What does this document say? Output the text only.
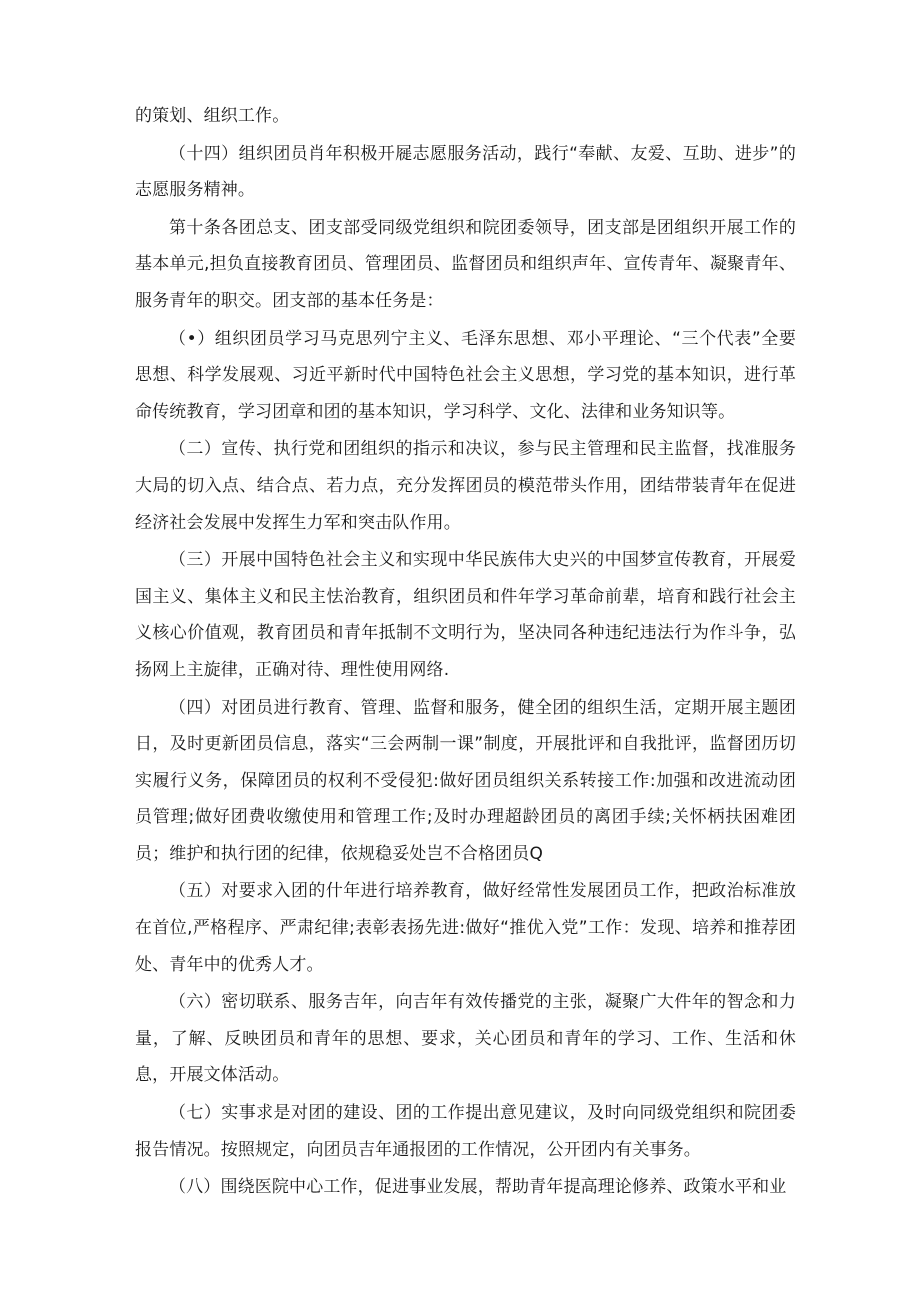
的策划、组织工作。

（十四）组织团员肖年积极开屣志愿服务活动，践行“奉献、友爱、互助、进步”的志愿服务精神。

第十条各团总支、团支部受同级党组织和院团委领导，团支部是团组织开展工作的基本单元,担负直接教育团员、管理团员、监督团员和组织声年、宣传青年、凝聚青年、服务青年的职交。团支部的基本任务是：

（•）组织团员学习马克思列宁主义、毛泽东思想、邓小平理论、“三个代表”全要思想、科学发展观、习近平新时代中国特色社会主义思想，学习党的基本知识，进行革命传统教育，学习团章和团的基本知识，学习科学、文化、法律和业务知识等。

（二）宣传、执行党和团组织的指示和决议，参与民主管理和民主监督，找准服务大局的切入点、结合点、若力点，充分发挥团员的模范带头作用，团结带装青年在促进经济社会发展中发挥生力军和突击队作用。

（三）开展中国特色社会主义和实现中华民族伟大史兴的中国梦宣传教育，开展爱国主义、集体主义和民主怯治教育，组织团员和件年学习革命前辈，培育和践行社会主义核心价值观，教育团员和青年抵制不文明行为，坚决同各种违纪违法行为作斗争，弘扬网上主旋律，正确对待、理性使用网络.

（四）对团员进行教育、管理、监督和服务，健全团的组织生活，定期开展主题团日，及时更新团员信息，落实“三会两制一课”制度，开展批评和自我批评，监督团历切实履行义务，保障团员的权利不受侵犯:做好团员组织关系转接工作:加强和改进流动团员管理;做好团费收缴使用和管理工作;及时办理超龄团员的离团手续;关怀柄扶困难团员；维护和执行团的纪律，依规稳妥处岂不合格团员Q

（五）对要求入团的什年进行培养教育，做好经常性发展团员工作，把政治标准放在首位,严格程序、严肃纪律;表彰表扬先进:做好“推优入党”工作：发现、培养和推荐团处、青年中的优秀人才。

（六）密切联系、服务吉年，向吉年有效传播党的主张，凝聚广大件年的智念和力量，了解、反映团员和青年的思想、要求，关心团员和青年的学习、工作、生活和休息，开展文体活动。

（七）实事求是对团的建设、团的工作提出意见建议，及时向同级党组织和院团委报告情况。按照规定，向团员吉年通报团的工作情况，公开团内有关事务。

（八）围绕医院中心工作，促进事业发展，帮助青年提高理论修养、政策水平和业
